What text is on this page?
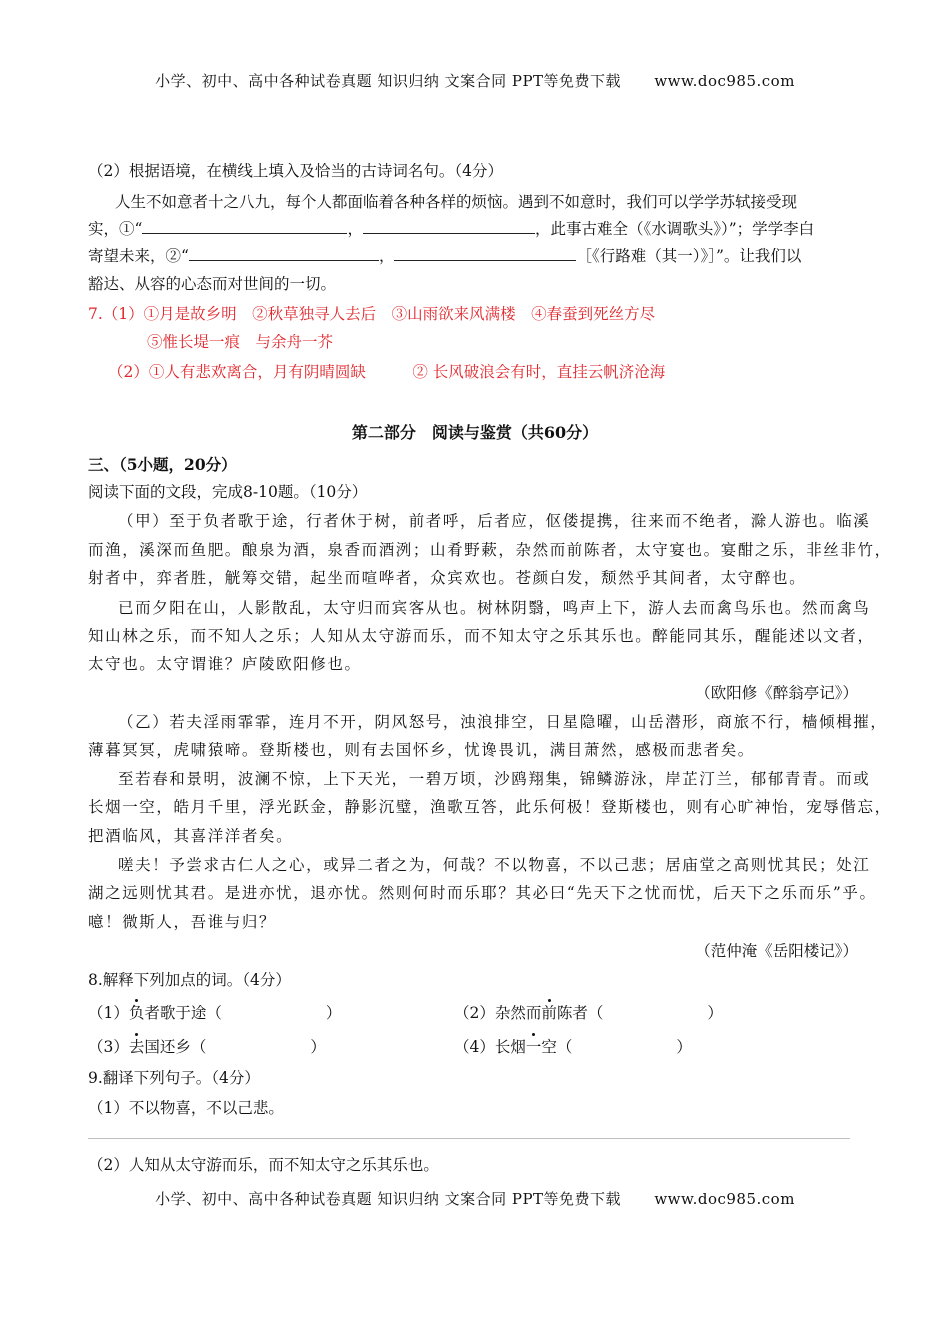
小学、初中、高中各种试卷真题 知识归纳 文案合同 PPT等免费下载 www.doc985.com
（2）根据语境，在横线上填入及恰当的古诗词名句。（4分）
人生不如意者十之八九，每个人都面临着各种各样的烦恼。遇到不如意时，我们可以学学苏轼接受现
实，①“	，	，此事古难全（《水调歌头》）”；学学李白
寄望未来，②“	，	［《行路难（其一）》］”。让我们以
豁达、从容的心态而对世间的一切。
7.（1）①月是故乡明　②秋草独寻人去后　③山雨欲来风满楼　④春蚕到死丝方尽
⑤惟长堤一痕　与余舟一芥
（2）①人有悲欢离合，月有阴晴圆缺　　　② 长风破浪会有时，直挂云帆济沧海
第二部分　阅读与鉴赏（共60分）
三、（5小题，20分）
阅读下面的文段，完成8-10题。（10分）
（甲）至于负者歌于途，行者休于树，前者呼，后者应，伛偻提携，往来而不绝者，滁人游也。临溪
而渔，溪深而鱼肥。酿泉为酒，泉香而酒洌；山肴野蔌，杂然而前陈者，太守宴也。宴酣之乐，非丝非竹，
射者中，弈者胜，觥筹交错，起坐而喧哗者，众宾欢也。苍颜白发，颓然乎其间者，太守醉也。
已而夕阳在山，人影散乱，太守归而宾客从也。树林阴翳，鸣声上下，游人去而禽鸟乐也。然而禽鸟
知山林之乐，而不知人之乐；人知从太守游而乐，而不知太守之乐其乐也。醉能同其乐，醒能述以文者，
太守也。太守谓谁？庐陵欧阳修也。
（欧阳修《醉翁亭记》）
（乙）若夫淫雨霏霏，连月不开，阴风怒号，浊浪排空，日星隐曜，山岳潜形，商旅不行，樯倾楫摧，
薄暮冥冥，虎啸猿啼。登斯楼也，则有去国怀乡，忧谗畏讥，满目萧然，感极而悲者矣。
至若春和景明，波澜不惊，上下天光，一碧万顷，沙鸥翔集，锦鳞游泳，岸芷汀兰，郁郁青青。而或
长烟一空，皓月千里，浮光跃金，静影沉璧，渔歌互答，此乐何极！登斯楼也，则有心旷神怡，宠辱偕忘，
把酒临风，其喜洋洋者矣。
嗟夫！予尝求古仁人之心，或异二者之为，何哉？不以物喜，不以己悲；居庙堂之高则忧其民；处江
湖之远则忧其君。是进亦忧，退亦忧。然则何时而乐耶？其必曰“先天下之忧而忧，后天下之乐而乐”乎。
噫！微斯人，吾谁与归？
（范仲淹《岳阳楼记》）
8.解释下列加点的词。（4分）
（1）负者歌于途（	）	（2）杂然而前陈者（	）
（3）去国还乡（	）	（4）长烟一空（	）
9.翻译下列句子。（4分）
（1）不以物喜，不以己悲。
（2）人知从太守游而乐，而不知太守之乐其乐也。
小学、初中、高中各种试卷真题 知识归纳 文案合同 PPT等免费下载 www.doc985.com
